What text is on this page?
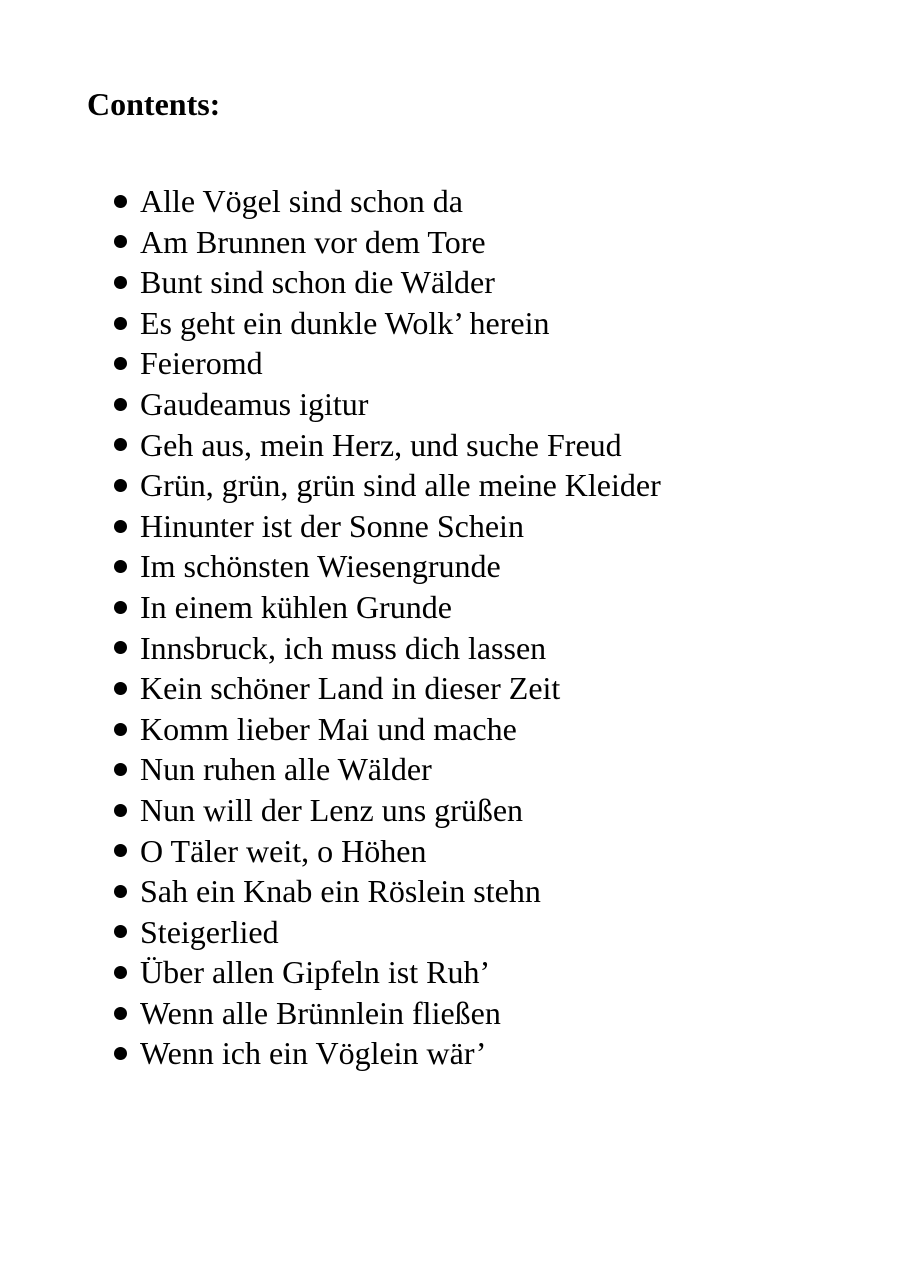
Contents:
Alle Vögel sind schon da
Am Brunnen vor dem Tore
Bunt sind schon die Wälder
Es geht ein dunkle Wolk’ herein
Feieromd
Gaudeamus igitur
Geh aus, mein Herz, und suche Freud
Grün, grün, grün sind alle meine Kleider
Hinunter ist der Sonne Schein
Im schönsten Wiesengrunde
In einem kühlen Grunde
Innsbruck, ich muss dich lassen
Kein schöner Land in dieser Zeit
Komm lieber Mai und mache
Nun ruhen alle Wälder
Nun will der Lenz uns grüßen
O Täler weit, o Höhen
Sah ein Knab ein Röslein stehn
Steigerlied
Über allen Gipfeln ist Ruh’
Wenn alle Brünnlein fließen
Wenn ich ein Vöglein wär’
